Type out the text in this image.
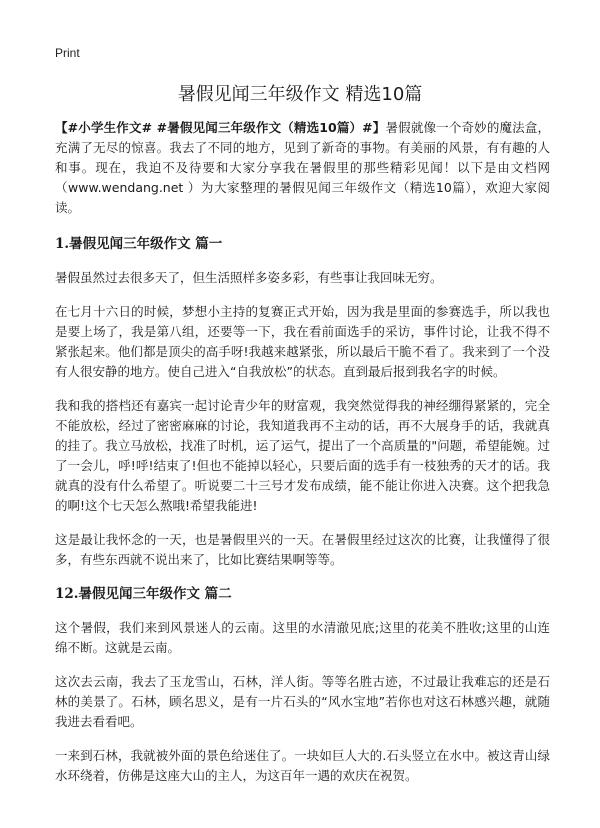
Print
暑假见闻三年级作文 精选10篇

【#小学生作文# #暑假见闻三年级作文（精选10篇）#】暑假就像一个奇妙的魔法盒，充满了无尽的惊喜。我去了不同的地方，见到了新奇的事物。有美丽的风景，有有趣的人和事。现在，我迫不及待要和大家分享我在暑假里的那些精彩见闻！以下是由文档网（www.wendang.net ）为大家整理的暑假见闻三年级作文（精选10篇），欢迎大家阅读。

1.暑假见闻三年级作文 篇一

暑假虽然过去很多天了，但生活照样多姿多彩，有些事让我回味无穷。

在七月十六日的时候，梦想小主持的复赛正式开始，因为我是里面的参赛选手，所以我也是要上场了，我是第八组，还要等一下，我在看前面选手的采访，事件讨论，让我不得不紧张起来。他们都是顶尖的高手呀!我越来越紧张，所以最后干脆不看了。我来到了一个没有人很安静的地方。使自己进入“自我放松”的状态。直到最后报到我名字的时候。

我和我的搭档还有嘉宾一起讨论青少年的财富观，我突然觉得我的神经绷得紧紧的，完全不能放松，经过了密密麻麻的讨论，我知道我再不主动的话，再不大展身手的话，我就真的挂了。我立马放松，找准了时机，运了运气，提出了一个高质量的"问题，希望能婉。过了一会儿，呼!呼!结束了!但也不能掉以轻心，只要后面的选手有一枝独秀的天才的话。我就真的没有什么希望了。听说要二十三号才发布成绩，能不能让你进入决赛。这个把我急的啊!这个七天怎么熬哦!希望我能进!

这是最让我怀念的一天，也是暑假里兴的一天。在暑假里经过这次的比赛，让我懂得了很多，有些东西就不说出来了，比如比赛结果啊等等。

12.暑假见闻三年级作文 篇二

这个暑假，我们来到风景迷人的云南。这里的水清澈见底;这里的花美不胜收;这里的山连绵不断。这就是云南。

这次去云南，我去了玉龙雪山，石林，洋人街。等等名胜古迹，不过最让我难忘的还是石林的美景了。石林，顾名思义，是有一片石头的“风水宝地”若你也对这石林感兴趣，就随我进去看看吧。

一来到石林，我就被外面的景色给迷住了。一块如巨人大的.石头竖立在水中。被这青山绿水环绕着，仿佛是这座大山的主人，为这百年一遇的欢庆在祝贺。
